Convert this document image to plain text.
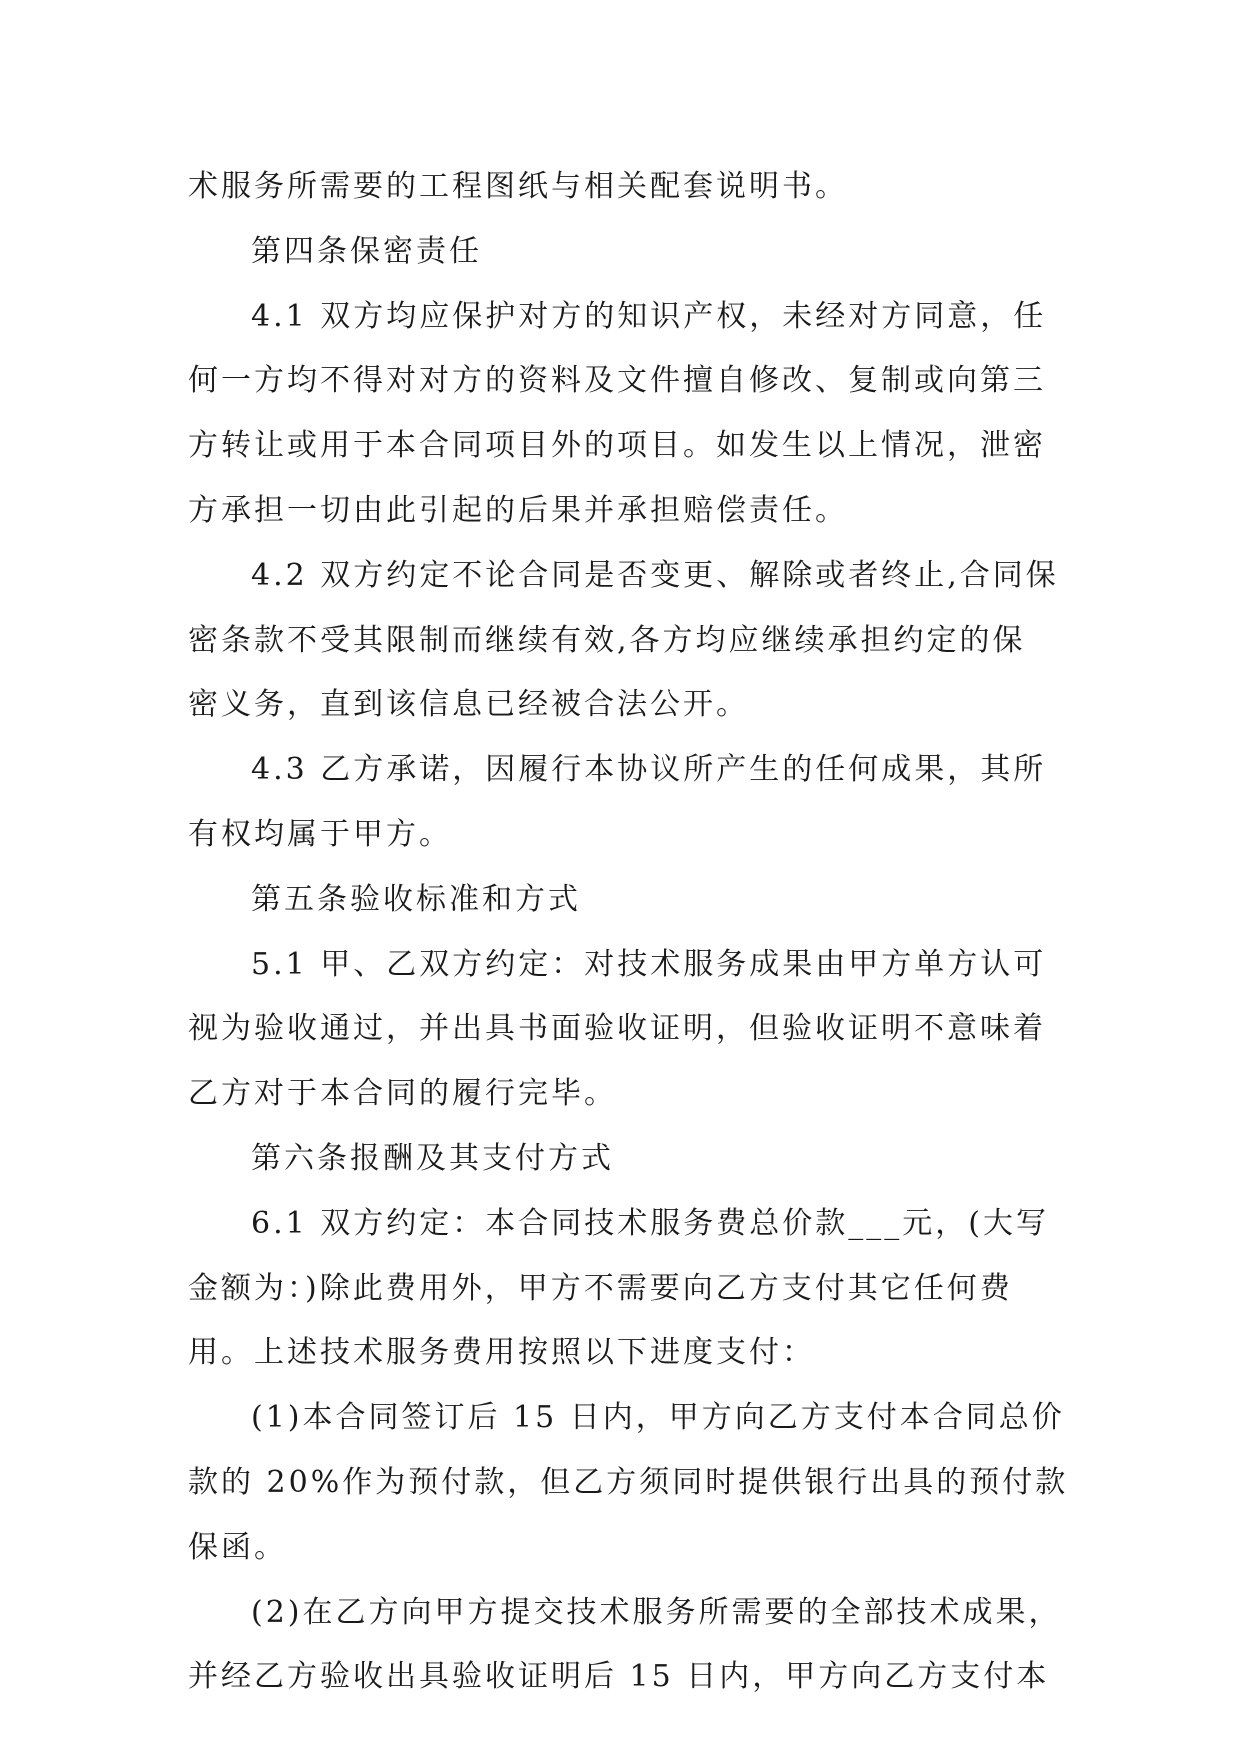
术服务所需要的工程图纸与相关配套说明书。
第四条保密责任
4.1 双方均应保护对方的知识产权，未经对方同意，任
何一方均不得对对方的资料及文件擅自修改、复制或向第三
方转让或用于本合同项目外的项目。如发生以上情况，泄密
方承担一切由此引起的后果并承担赔偿责任。
4.2 双方约定不论合同是否变更、解除或者终止,合同保
密条款不受其限制而继续有效,各方均应继续承担约定的保
密义务，直到该信息已经被合法公开。
4.3 乙方承诺，因履行本协议所产生的任何成果，其所
有权均属于甲方。
第五条验收标准和方式
5.1 甲、乙双方约定：对技术服务成果由甲方单方认可
视为验收通过，并出具书面验收证明，但验收证明不意味着
乙方对于本合同的履行完毕。
第六条报酬及其支付方式
6.1 双方约定：本合同技术服务费总价款___元，(大写
金额为：)除此费用外，甲方不需要向乙方支付其它任何费
用。上述技术服务费用按照以下进度支付：
(1)本合同签订后 15 日内，甲方向乙方支付本合同总价
款的 20%作为预付款，但乙方须同时提供银行出具的预付款
保函。
(2)在乙方向甲方提交技术服务所需要的全部技术成果，
并经乙方验收出具验收证明后 15 日内，甲方向乙方支付本
